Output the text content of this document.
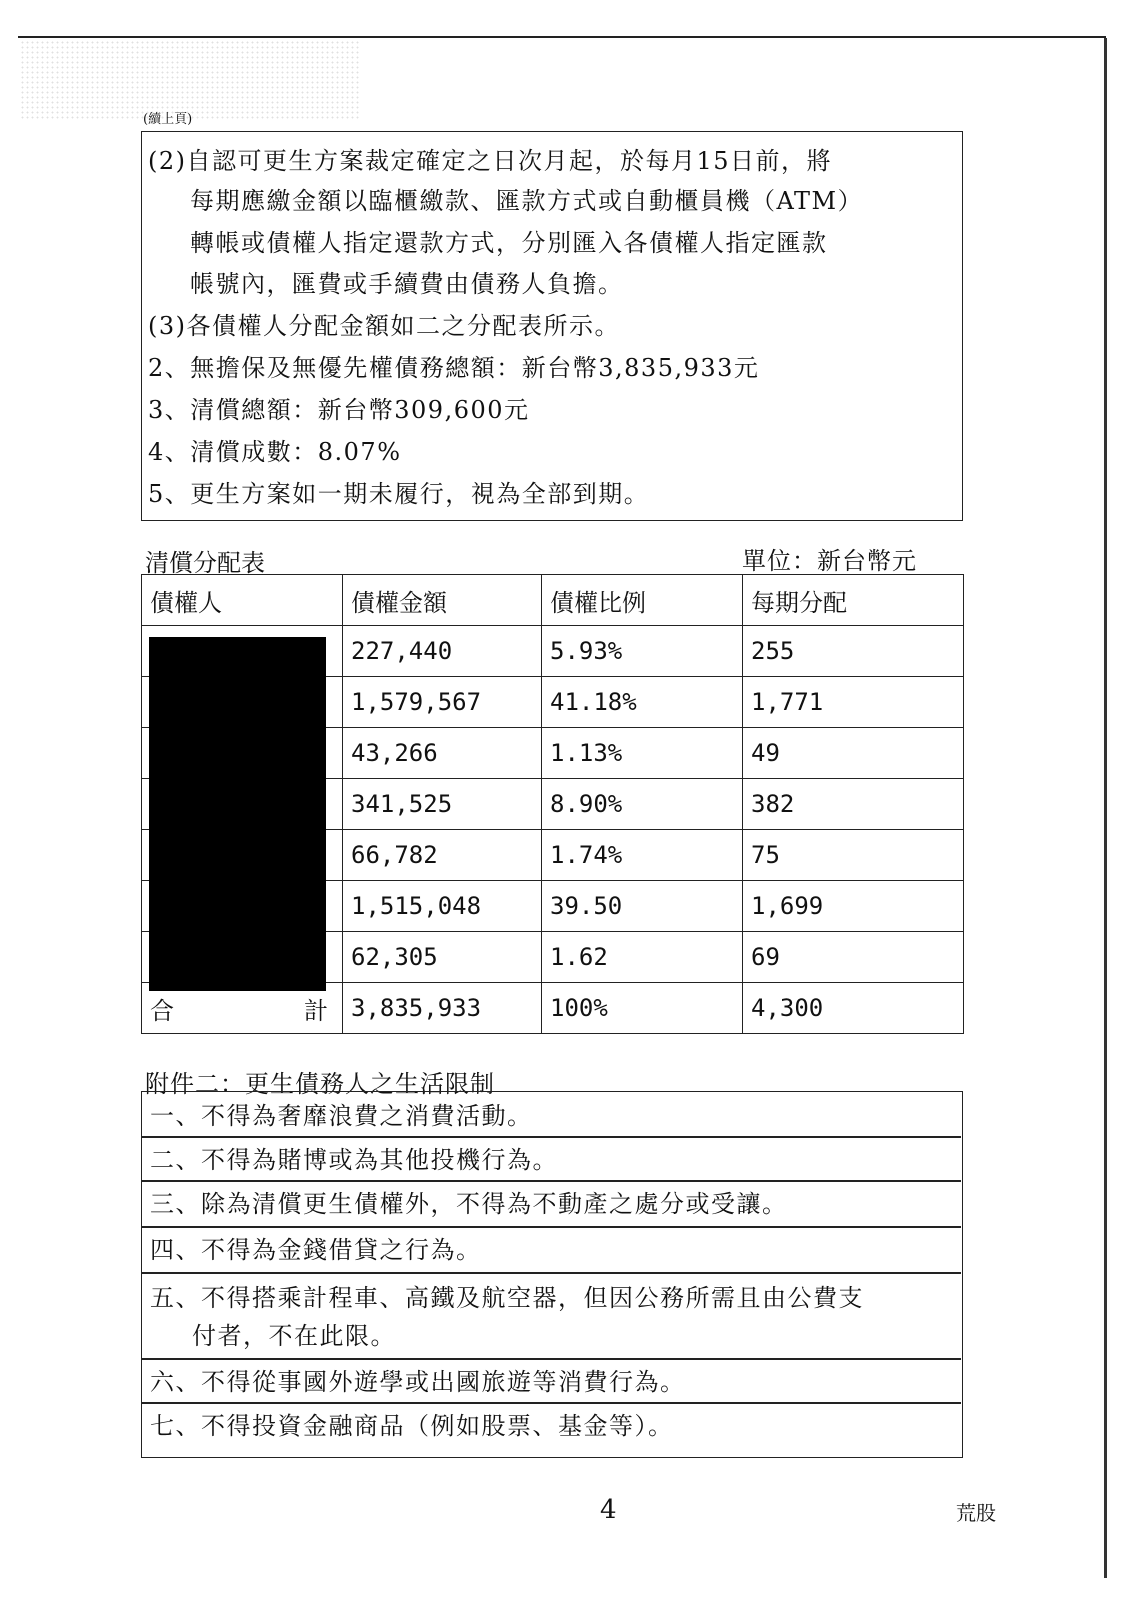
(續上頁)
(2)自認可更生方案裁定確定之日次月起，於每月15日前，將
每期應繳金額以臨櫃繳款、匯款方式或自動櫃員機（ATM）
轉帳或債權人指定還款方式，分別匯入各債權人指定匯款
帳號內，匯費或手續費由債務人負擔。
(3)各債權人分配金額如二之分配表所示。
2、無擔保及無優先權債務總額：新台幣3,835,933元
3、清償總額：新台幣309,600元
4、清償成數：8.07%
5、更生方案如一期未履行，視為全部到期。
清償分配表	單位：新台幣元
債權人	債權金額	債權比例	每期分配
	227,440	5.93%	255
	1,579,567	41.18%	1,771
	43,266	1.13%	49
	341,525	8.90%	382
	66,782	1.74%	75
	1,515,048	39.50	1,699
	62,305	1.62	69
合 計	3,835,933	100%	4,300
附件二：更生債務人之生活限制
一、不得為奢靡浪費之消費活動。
二、不得為賭博或為其他投機行為。
三、除為清償更生債權外，不得為不動產之處分或受讓。
四、不得為金錢借貸之行為。
五、不得搭乘計程車、高鐵及航空器，但因公務所需且由公費支
付者，不在此限。
六、不得從事國外遊學或出國旅遊等消費行為。
七、不得投資金融商品（例如股票、基金等）。
4	荒股
